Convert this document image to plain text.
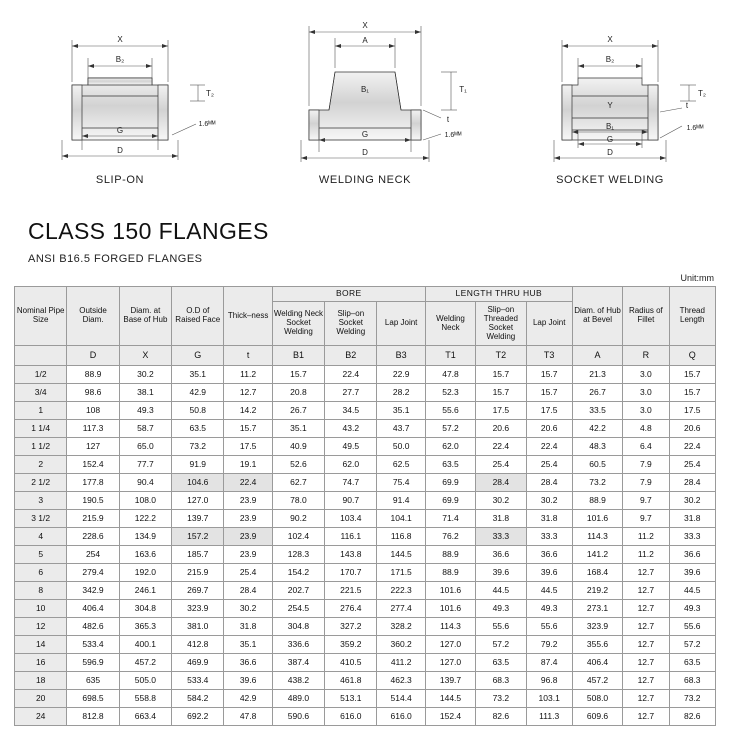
X
B₂
G
D
T₂
1.6ᴹᴹ
SLIP-ON
X
A
B₁
G
D
T₁
t
1.6ᴹᴹ
WELDING NECK
X
B₂
Y
B₁
G
D
T₂
t
1.6ᴹᴹ
SOCKET WELDING
CLASS 150 FLANGES

ANSI B16.5 FORGED FLANGES

Unit:mm
Nominal Pipe Size	Outside Diam.	Diam. at Base of Hub	O.D of Raised Face	Thick–ness	BORE			LENGTH THRU HUB			Diam. of Hub at Bevel	Radius of Fillet	Thread Length
					Welding Neck Socket Welding	Slip–on Socket Welding	Lap Joint	Welding Neck	Slip–on Threaded Socket Welding	Lap Joint			
	D	X	G	t	B1	B2	B3	T1	T2	T3	A	R	Q
1/2	88.9	30.2	35.1	11.2	15.7	22.4	22.9	47.8	15.7	15.7	21.3	3.0	15.7
3/4	98.6	38.1	42.9	12.7	20.8	27.7	28.2	52.3	15.7	15.7	26.7	3.0	15.7
1	108	49.3	50.8	14.2	26.7	34.5	35.1	55.6	17.5	17.5	33.5	3.0	17.5
1 1/4	117.3	58.7	63.5	15.7	35.1	43.2	43.7	57.2	20.6	20.6	42.2	4.8	20.6
1 1/2	127	65.0	73.2	17.5	40.9	49.5	50.0	62.0	22.4	22.4	48.3	6.4	22.4
2	152.4	77.7	91.9	19.1	52.6	62.0	62.5	63.5	25.4	25.4	60.5	7.9	25.4
2 1/2	177.8	90.4	104.6	22.4	62.7	74.7	75.4	69.9	28.4	28.4	73.2	7.9	28.4
3	190.5	108.0	127.0	23.9	78.0	90.7	91.4	69.9	30.2	30.2	88.9	9.7	30.2
3 1/2	215.9	122.2	139.7	23.9	90.2	103.4	104.1	71.4	31.8	31.8	101.6	9.7	31.8
4	228.6	134.9	157.2	23.9	102.4	116.1	116.8	76.2	33.3	33.3	114.3	11.2	33.3
5	254	163.6	185.7	23.9	128.3	143.8	144.5	88.9	36.6	36.6	141.2	11.2	36.6
6	279.4	192.0	215.9	25.4	154.2	170.7	171.5	88.9	39.6	39.6	168.4	12.7	39.6
8	342.9	246.1	269.7	28.4	202.7	221.5	222.3	101.6	44.5	44.5	219.2	12.7	44.5
10	406.4	304.8	323.9	30.2	254.5	276.4	277.4	101.6	49.3	49.3	273.1	12.7	49.3
12	482.6	365.3	381.0	31.8	304.8	327.2	328.2	114.3	55.6	55.6	323.9	12.7	55.6
14	533.4	400.1	412.8	35.1	336.6	359.2	360.2	127.0	57.2	79.2	355.6	12.7	57.2
16	596.9	457.2	469.9	36.6	387.4	410.5	411.2	127.0	63.5	87.4	406.4	12.7	63.5
18	635	505.0	533.4	39.6	438.2	461.8	462.3	139.7	68.3	96.8	457.2	12.7	68.3
20	698.5	558.8	584.2	42.9	489.0	513.1	514.4	144.5	73.2	103.1	508.0	12.7	73.2
24	812.8	663.4	692.2	47.8	590.6	616.0	616.0	152.4	82.6	111.3	609.6	12.7	82.6
